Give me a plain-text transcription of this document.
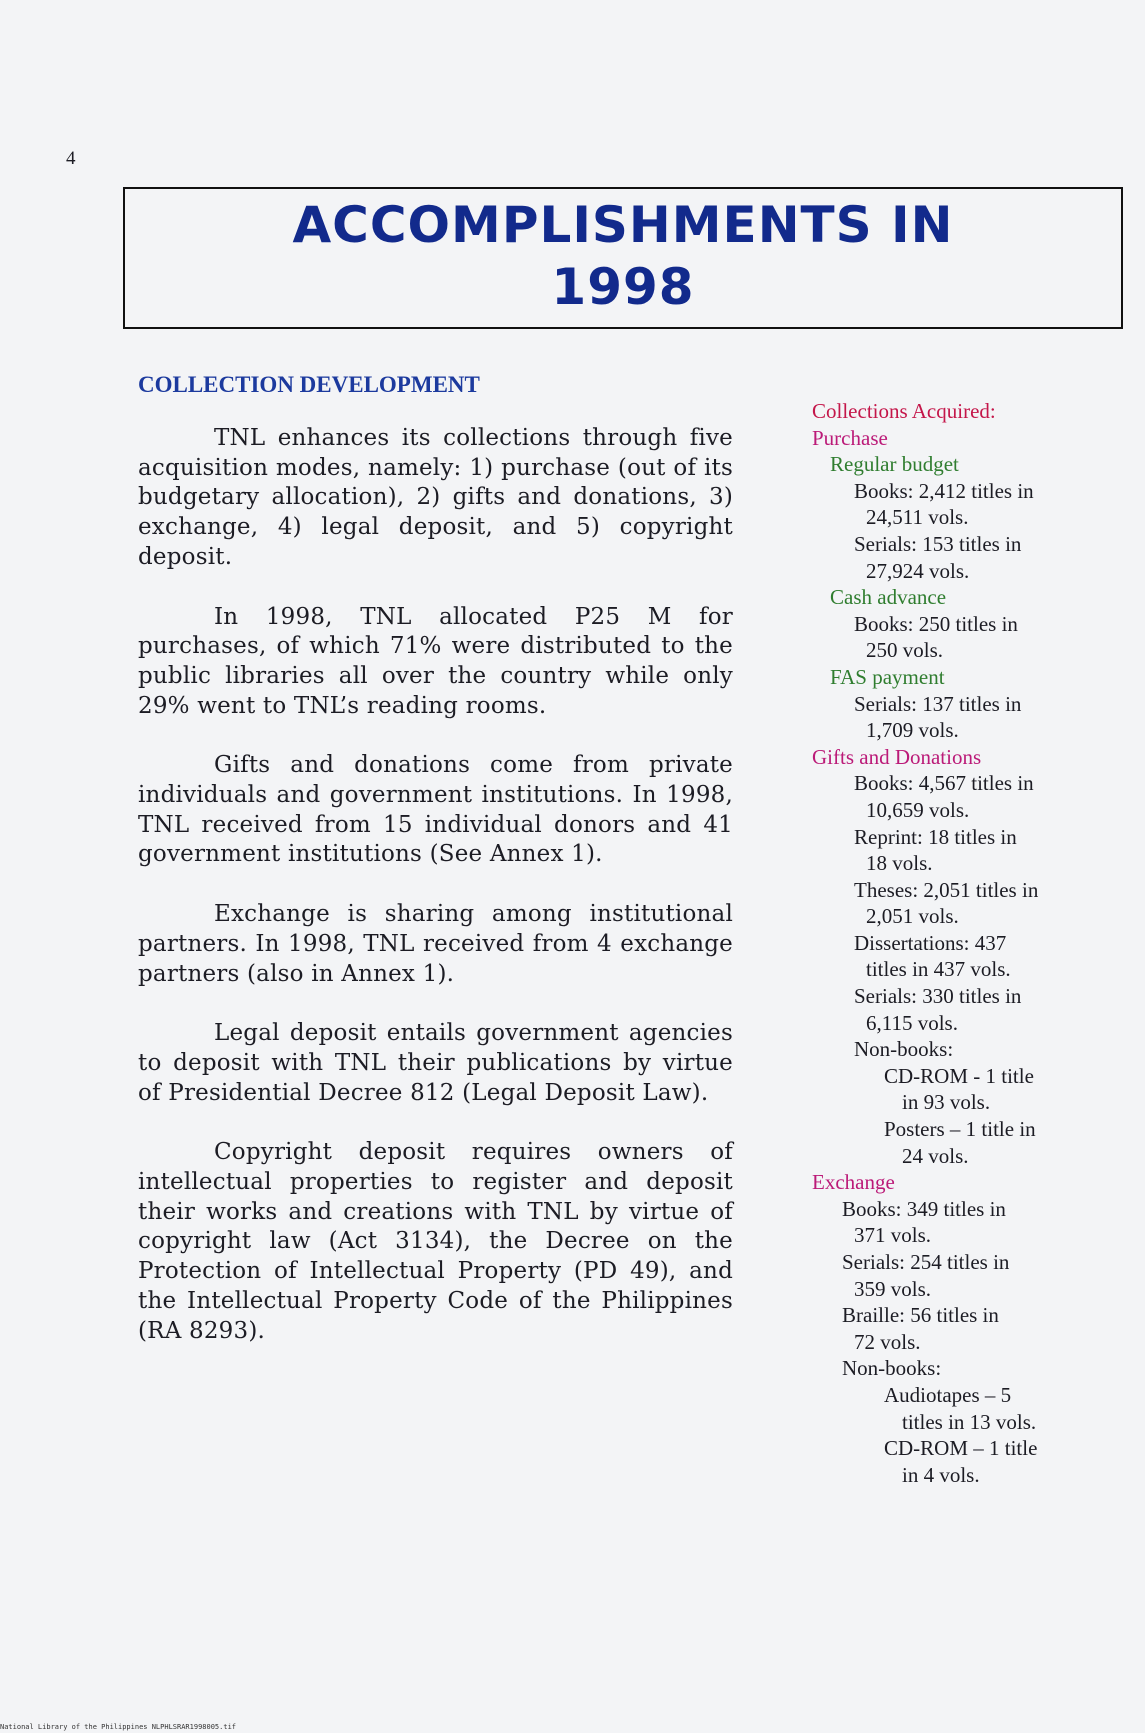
4
ACCOMPLISHMENTS IN
1998
COLLECTION DEVELOPMENT

TNL enhances its collections through five acquisition modes, namely: 1) purchase (out of its budgetary allocation), 2) gifts and donations, 3) exchange, 4) legal deposit, and 5) copyright deposit.

In 1998, TNL allocated P25 M for purchases, of which 71% were distributed to the public libraries all over the country while only 29% went to TNL’s reading rooms.

Gifts and donations come from private individuals and government institutions. In 1998, TNL received from 15 individual donors and 41 government institutions (See Annex 1).

Exchange is sharing among institutional partners. In 1998, TNL received from 4 exchange partners (also in Annex 1).

Legal deposit entails government agencies to deposit with TNL their publications by virtue of Presidential Decree 812 (Legal Deposit Law).

Copyright deposit requires owners of intellectual properties to register and deposit their works and creations with TNL by virtue of copyright law (Act 3134), the Decree on the Protection of Intellectual Property (PD 49), and the Intellectual Property Code of the Philippines (RA 8293).

Collections Acquired:
Purchase
Regular budget
Books: 2,412 titles in
24,511 vols.
Serials: 153 titles in
27,924 vols.
Cash advance
Books: 250 titles in
250 vols.
FAS payment
Serials: 137 titles in
1,709 vols.
Gifts and Donations
Books: 4,567 titles in
10,659 vols.
Reprint: 18 titles in
18 vols.
Theses: 2,051 titles in
2,051 vols.
Dissertations: 437
titles in 437 vols.
Serials: 330 titles in
6,115 vols.
Non-books:
CD-ROM - 1 title
in 93 vols.
Posters – 1 title in
24 vols.
Exchange
Books: 349 titles in
371 vols.
Serials: 254 titles in
359 vols.
Braille: 56 titles in
72 vols.
Non-books:
Audiotapes – 5
titles in 13 vols.
CD-ROM – 1 title
in 4 vols.
National Library of the Philippines NLPHLSRAR1998005.tif
